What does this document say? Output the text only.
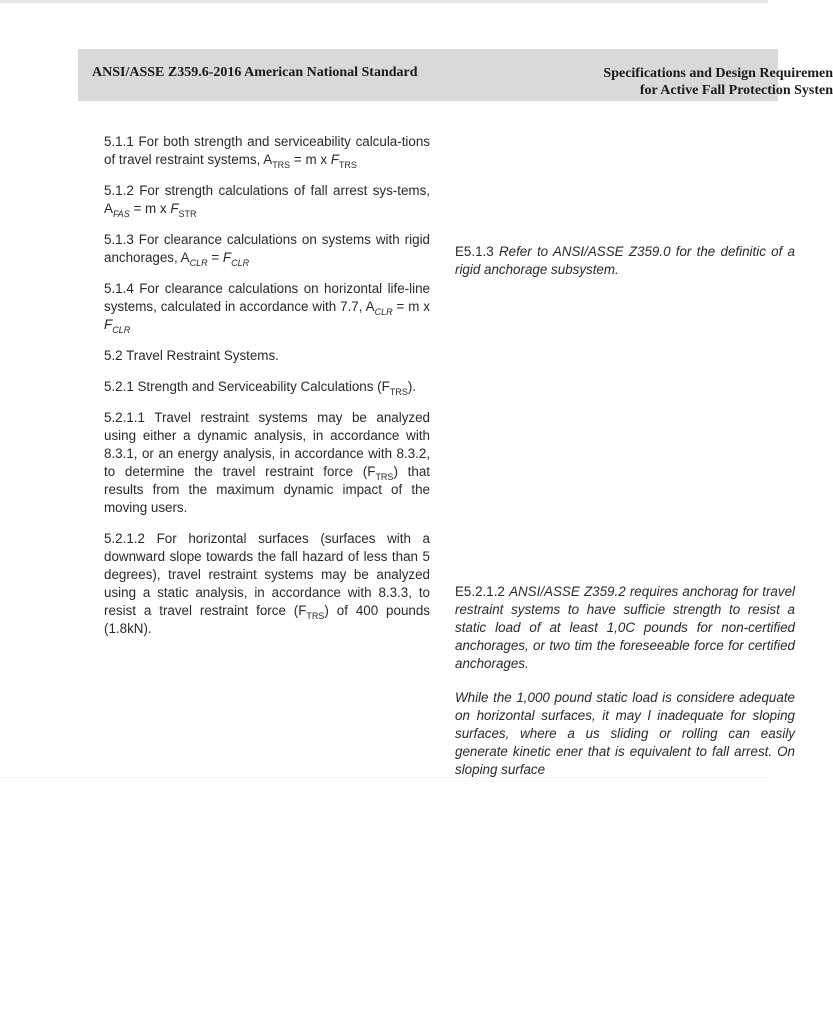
ANSI/ASSE Z359.6-2016 American National Standard	Specifications and Design Requiremen
for Active Fall Protection Systen

5.1.1 For both strength and serviceability calcula-tions of travel restraint systems, $A_{TRS} = m$ x $F_{TRS}$

5.1.2 For strength calculations of fall arrest sys-tems, $A_{FAS} = m$ x $F_{STR}$

5.1.3 For clearance calculations on systems with rigid anchorages, $A_{CLR} = F_{CLR}$

5.1.4 For clearance calculations on horizontal life-line systems, calculated in accordance with 7.7, $A_{CLR} = m$ x $F_{CLR}$

5.2 Travel Restraint Systems.

5.2.1 Strength and Serviceability Calculations $(F_{TRS})$.

5.2.1.1 Travel restraint systems may be analyzed using either a dynamic analysis, in accordance with 8.3.1, or an energy analysis, in accordance with 8.3.2, to determine the travel restraint force $(F_{TRS})$ that results from the maximum dynamic impact of the moving users.

5.2.1.2 For horizontal surfaces (surfaces with a downward slope towards the fall hazard of less than 5 degrees), travel restraint systems may be analyzed using a static analysis, in accordance with 8.3.3, to resist a travel restraint force $(F_{TRS})$ of 400 pounds (1.8kN).

E5.1.3 Refer to ANSI/ASSE Z359.0 for the definitic of a rigid anchorage subsystem.

E5.2.1.2 ANSI/ASSE Z359.2 requires anchorag for travel restraint systems to have sufficie strength to resist a static load of at least 1,0C pounds for non-certified anchorages, or two tim the foreseeable force for certified anchorages.

While the 1,000 pound static load is considere adequate on horizontal surfaces, it may l inadequate for sloping surfaces, where a us sliding or rolling can easily generate kinetic ener that is equivalent to fall arrest. On sloping surface
